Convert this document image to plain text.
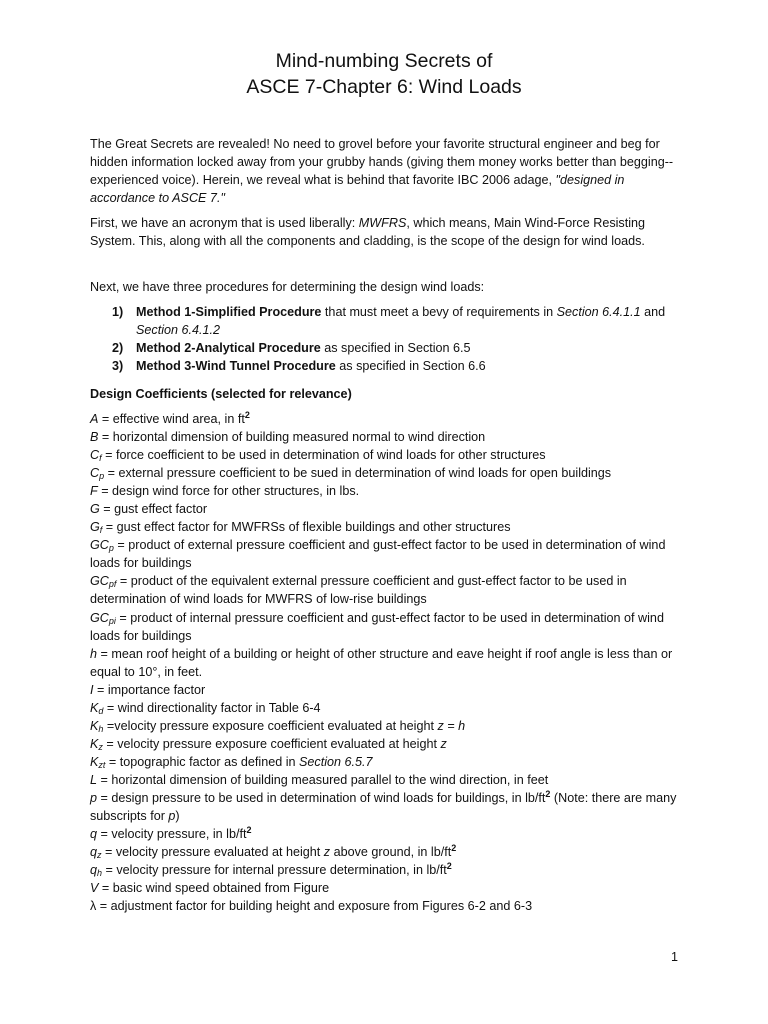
Mind-numbing Secrets of
ASCE 7-Chapter 6: Wind Loads
The Great Secrets are revealed! No need to grovel before your favorite structural engineer and beg for hidden information locked away from your grubby hands (giving them money works better than begging--experienced voice). Herein, we reveal what is behind that favorite IBC 2006 adage, "designed in accordance to ASCE 7."
First, we have an acronym that is used liberally: MWFRS, which means, Main Wind-Force Resisting System. This, along with all the components and cladding, is the scope of the design for wind loads.
Next, we have three procedures for determining the design wind loads:
1)	Method 1-Simplified Procedure that must meet a bevy of requirements in Section 6.4.1.1 and Section 6.4.1.2
2)	Method 2-Analytical Procedure as specified in Section 6.5
3)	Method 3-Wind Tunnel Procedure as specified in Section 6.6
Design Coefficients (selected for relevance)
A = effective wind area, in $ft^2$
B = horizontal dimension of building measured normal to wind direction
$C_f$ = force coefficient to be used in determination of wind loads for other structures
$C_p$ = external pressure coefficient to be sued in determination of wind loads for open buildings
F = design wind force for other structures, in lbs.
G = gust effect factor
$G_f$ = gust effect factor for MWFRSs of flexible buildings and other structures
$GC_p$ = product of external pressure coefficient and gust-effect factor to be used in determination of wind loads for buildings
$GC_{pf}$ = product of the equivalent external pressure coefficient and gust-effect factor to be used in determination of wind loads for MWFRS of low-rise buildings
$GC_{pi}$ = product of internal pressure coefficient and gust-effect factor to be used in determination of wind loads for buildings
h = mean roof height of a building or height of other structure and eave height if roof angle is less than or equal to 10°, in feet.
I = importance factor
$K_d$ = wind directionality factor in Table 6-4
$K_h$ =velocity pressure exposure coefficient evaluated at height z = h
$K_z$ = velocity pressure exposure coefficient evaluated at height z
$K_{zt}$ = topographic factor as defined in Section 6.5.7
L = horizontal dimension of building measured parallel to the wind direction, in feet
p = design pressure to be used in determination of wind loads for buildings, in $lb/ft^2$ (Note: there are many subscripts for p)
q = velocity pressure, in $lb/ft^2$
$q_z$ = velocity pressure evaluated at height z above ground, in $lb/ft^2$
$q_h$ = velocity pressure for internal pressure determination, in $lb/ft^2$
V = basic wind speed obtained from Figure
λ = adjustment factor for building height and exposure from Figures 6-2 and 6-3
1
